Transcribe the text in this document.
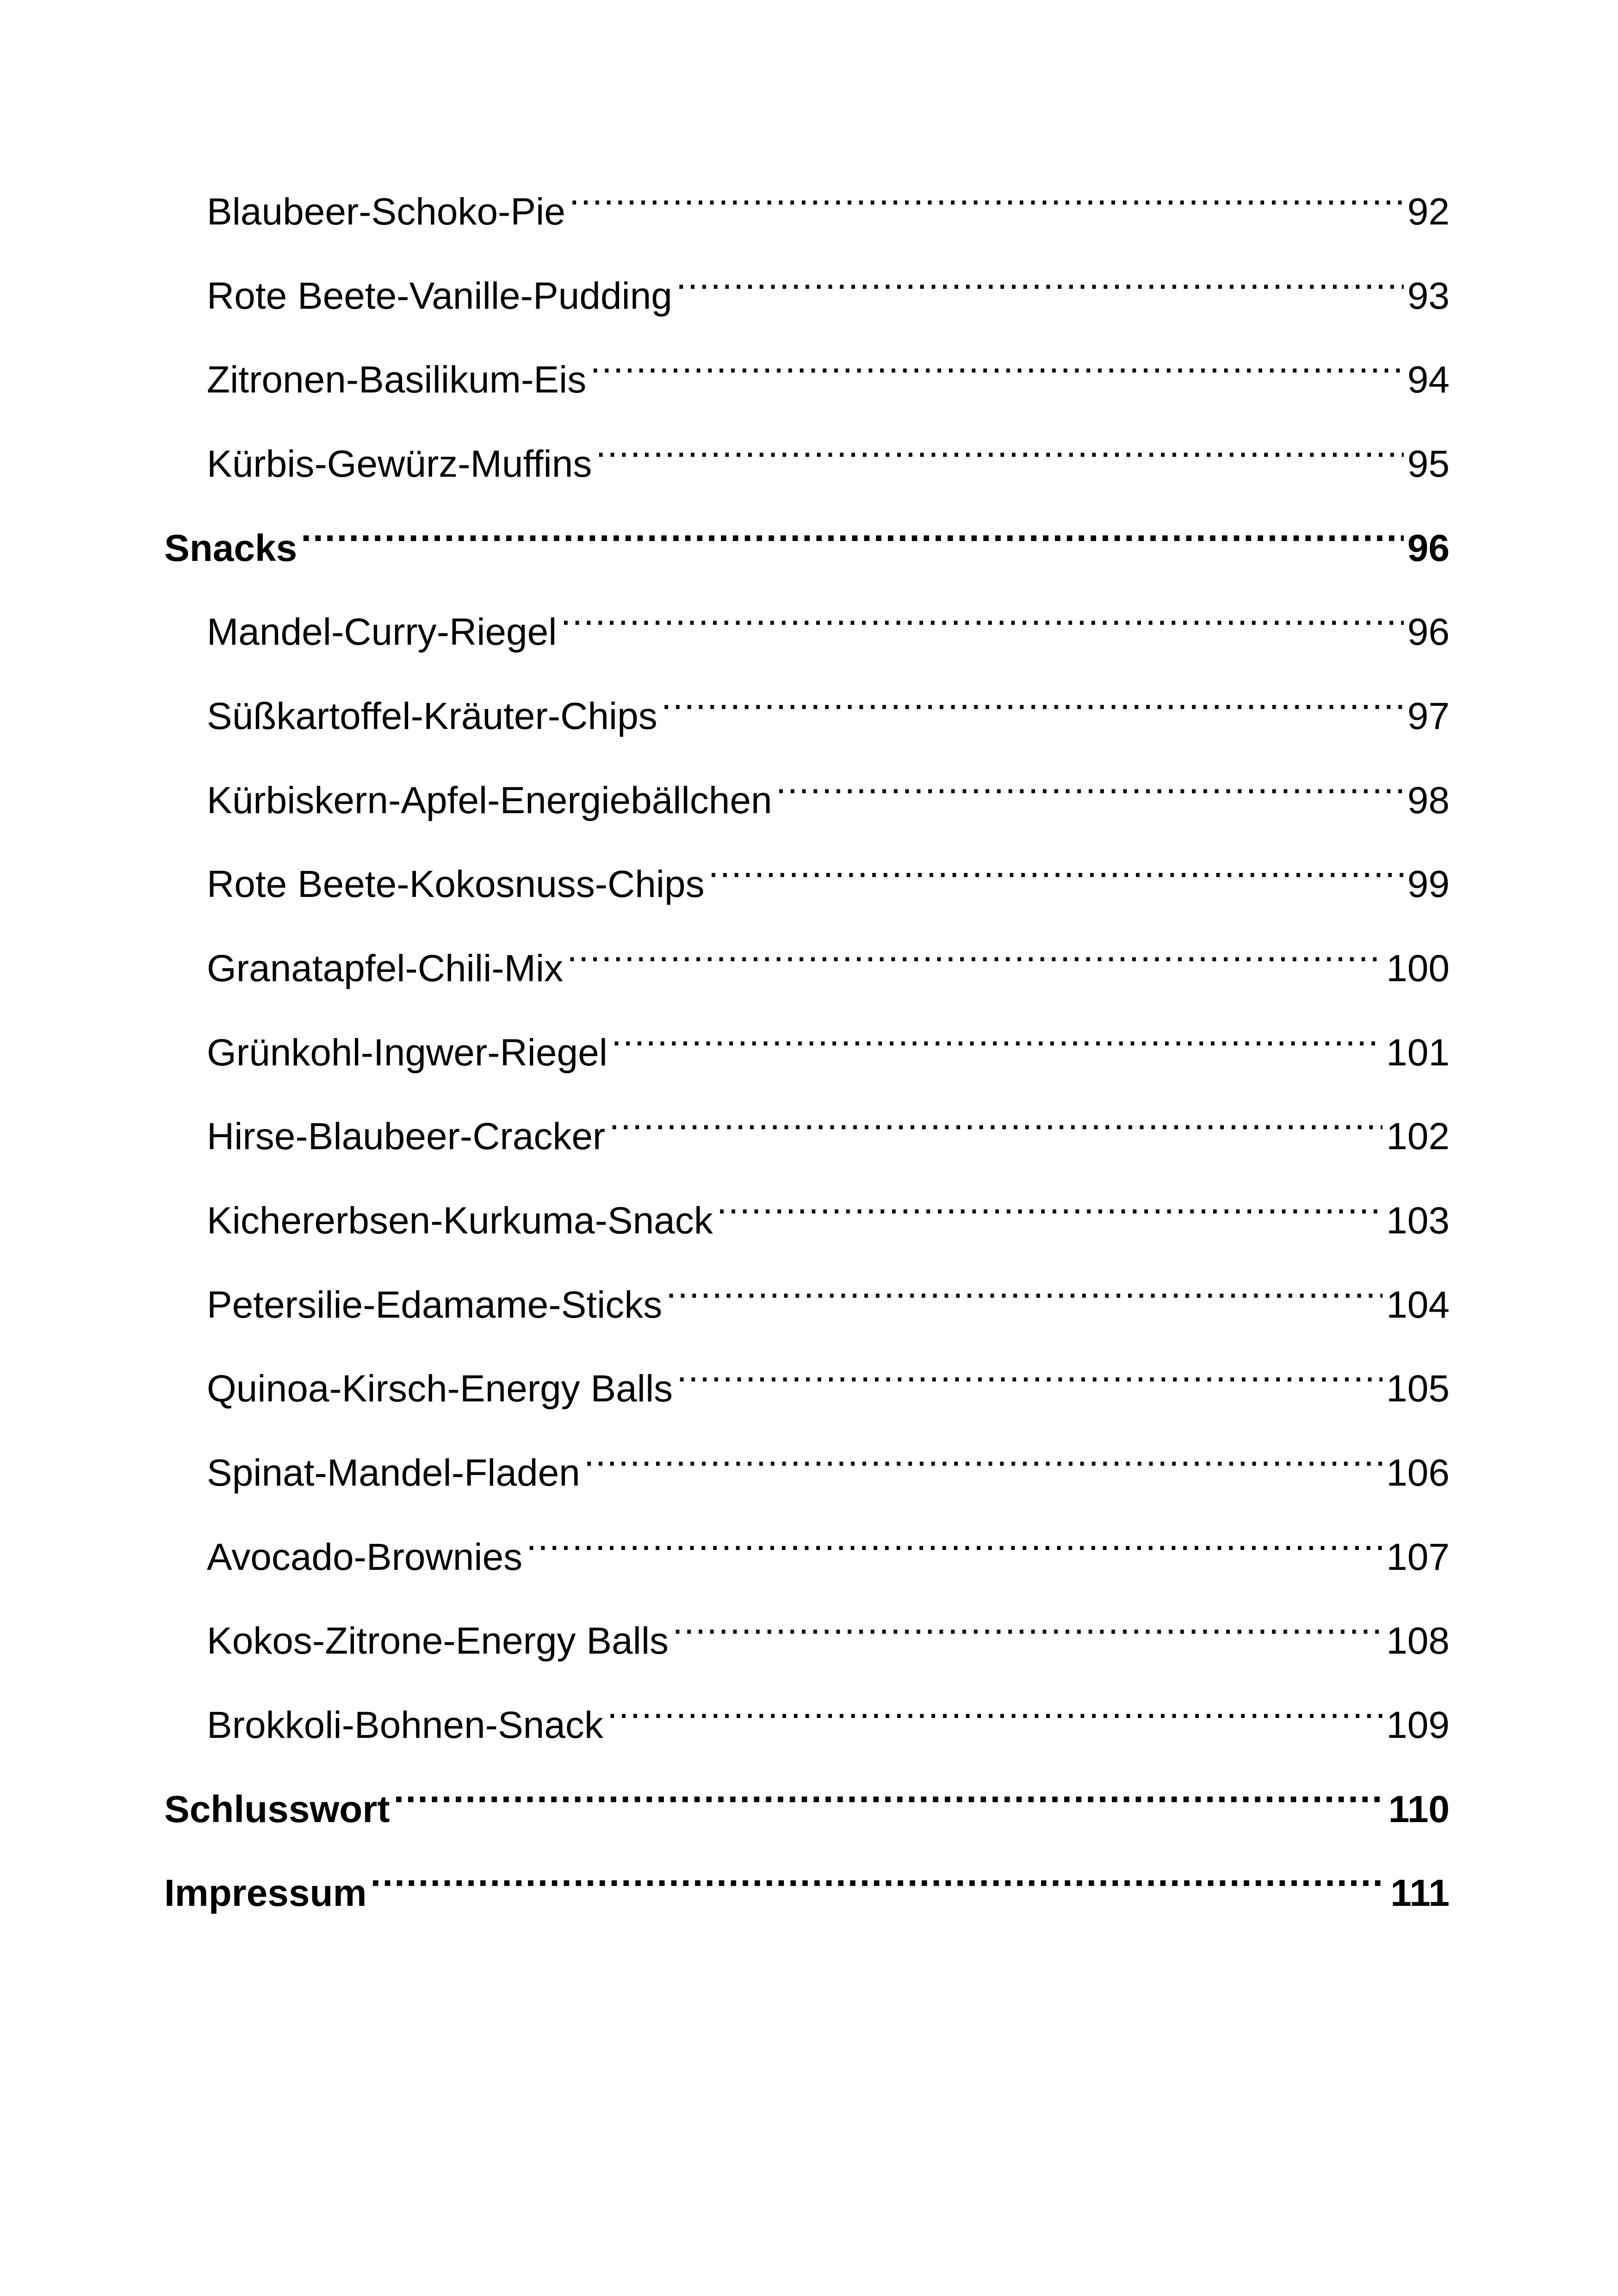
Blaubeer-Schoko-Pie .....	92
Rote Beete-Vanille-Pudding .....	93
Zitronen-Basilikum-Eis .....	94
Kürbis-Gewürz-Muffins .....	95
Snacks .....	96
Mandel-Curry-Riegel .....	96
Süßkartoffel-Kräuter-Chips .....	97
Kürbiskern-Apfel-Energiebällchen .....	98
Rote Beete-Kokosnuss-Chips .....	99
Granatapfel-Chili-Mix .....	100
Grünkohl-Ingwer-Riegel .....	101
Hirse-Blaubeer-Cracker .....	102
Kichererbsen-Kurkuma-Snack .....	103
Petersilie-Edamame-Sticks .....	104
Quinoa-Kirsch-Energy Balls .....	105
Spinat-Mandel-Fladen .....	106
Avocado-Brownies .....	107
Kokos-Zitrone-Energy Balls .....	108
Brokkoli-Bohnen-Snack .....	109
Schlusswort .....	110
Impressum .....	111
